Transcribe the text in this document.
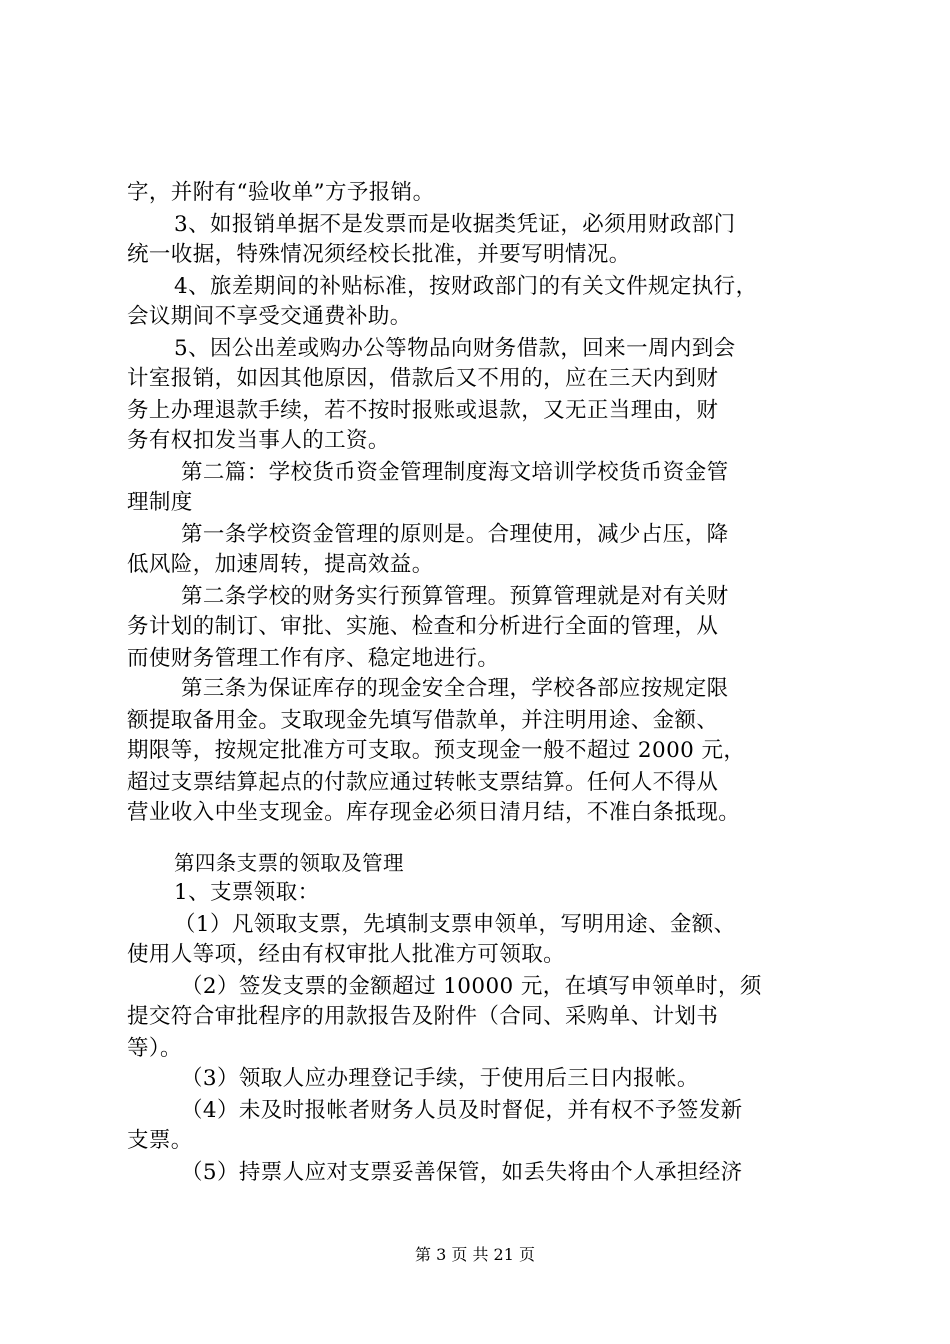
字，并附有“验收单”方予报销。

3、如报销单据不是发票而是收据类凭证，必须用财政部门

统一收据，特殊情况须经校长批准，并要写明情况。

4、旅差期间的补贴标准，按财政部门的有关文件规定执行，

会议期间不享受交通费补助。

5、因公出差或购办公等物品向财务借款，回来一周内到会

计室报销，如因其他原因，借款后又不用的，应在三天内到财

务上办理退款手续，若不按时报账或退款，又无正当理由，财

务有权扣发当事人的工资。

第二篇：学校货币资金管理制度海文培训学校货币资金管

理制度

第一条学校资金管理的原则是。合理使用，减少占压，降

低风险，加速周转，提高效益。

第二条学校的财务实行预算管理。预算管理就是对有关财

务计划的制订、审批、实施、检查和分析进行全面的管理，从

而使财务管理工作有序、稳定地进行。

第三条为保证库存的现金安全合理，学校各部应按规定限

额提取备用金。支取现金先填写借款单，并注明用途、金额、

期限等，按规定批准方可支取。预支现金一般不超过 2000 元，

超过支票结算起点的付款应通过转帐支票结算。任何人不得从

营业收入中坐支现金。库存现金必须日清月结，不准白条抵现。

第四条支票的领取及管理

1、支票领取：

（1）凡领取支票，先填制支票申领单，写明用途、金额、

使用人等项，经由有权审批人批准方可领取。

（2）签发支票的金额超过 10000 元，在填写申领单时，须

提交符合审批程序的用款报告及附件（合同、采购单、计划书

等）。

（3）领取人应办理登记手续，于使用后三日内报帐。

（4）未及时报帐者财务人员及时督促，并有权不予签发新

支票。

（5）持票人应对支票妥善保管，如丢失将由个人承担经济

第 3 页 共 21 页
